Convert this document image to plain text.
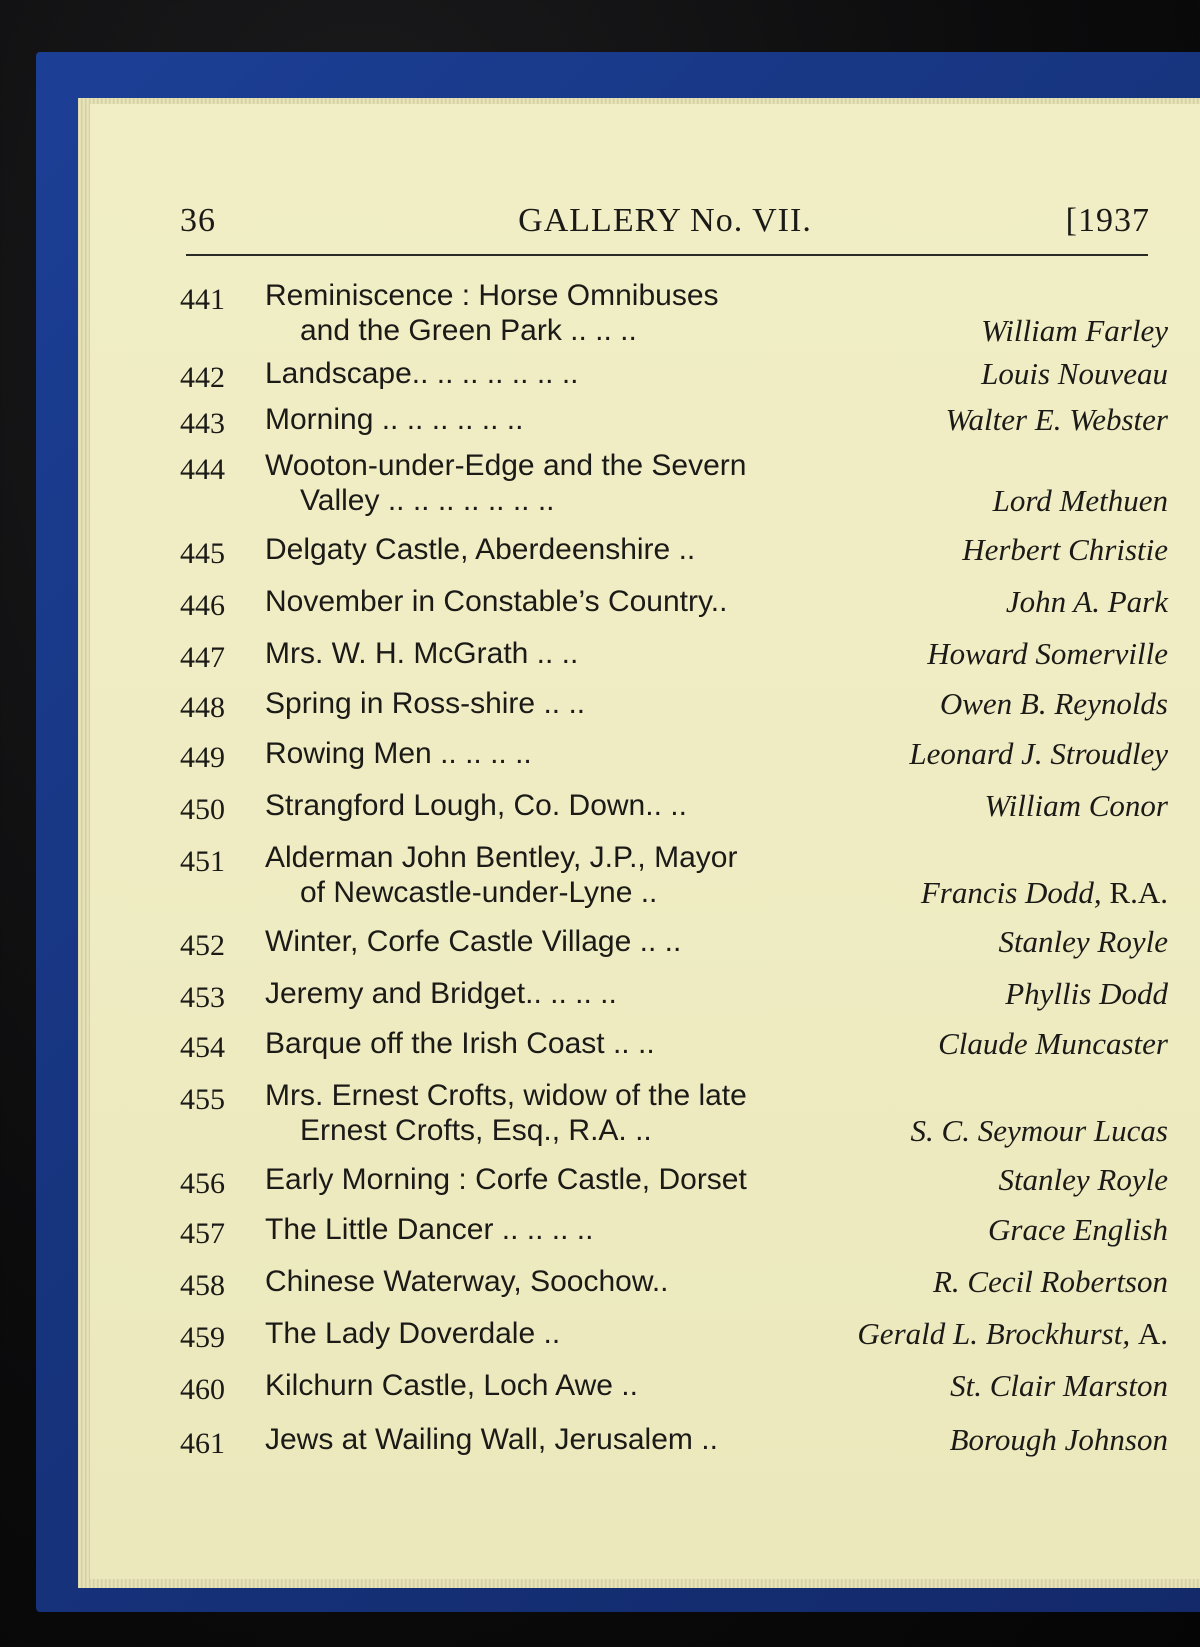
36	GALLERY No. VII.	[1937
441 Reminiscence : Horse Omnibuses
and the Green Park .. .. ..	William Farley
442 Landscape.. .. .. .. .. .. ..	Louis Nouveau
443 Morning .. .. .. .. .. ..	Walter E. Webster
444 Wooton-under-Edge and the Severn
Valley .. .. .. .. .. .. ..	Lord Methuen
445 Delgaty Castle, Aberdeenshire ..	Herbert Christie
446 November in Constable’s Country..	John A. Park
447 Mrs. W. H. McGrath .. ..	Howard Somerville
448 Spring in Ross-shire .. ..	Owen B. Reynolds
449 Rowing Men .. .. .. ..	Leonard J. Stroudley
450 Strangford Lough, Co. Down.. ..	William Conor
451 Alderman John Bentley, J.P., Mayor
of Newcastle-under-Lyne ..	Francis Dodd, R.A.
452 Winter, Corfe Castle Village .. ..	Stanley Royle
453 Jeremy and Bridget.. .. .. ..	Phyllis Dodd
454 Barque off the Irish Coast .. ..	Claude Muncaster
455 Mrs. Ernest Crofts, widow of the late
Ernest Crofts, Esq., R.A. ..	S. C. Seymour Lucas
456 Early Morning : Corfe Castle, Dorset	Stanley Royle
457 The Little Dancer .. .. .. ..	Grace English
458 Chinese Waterway, Soochow..	R. Cecil Robertson
459 The Lady Doverdale ..	Gerald L. Brockhurst, A.
460 Kilchurn Castle, Loch Awe ..	St. Clair Marston
461 Jews at Wailing Wall, Jerusalem ..	Borough Johnson
